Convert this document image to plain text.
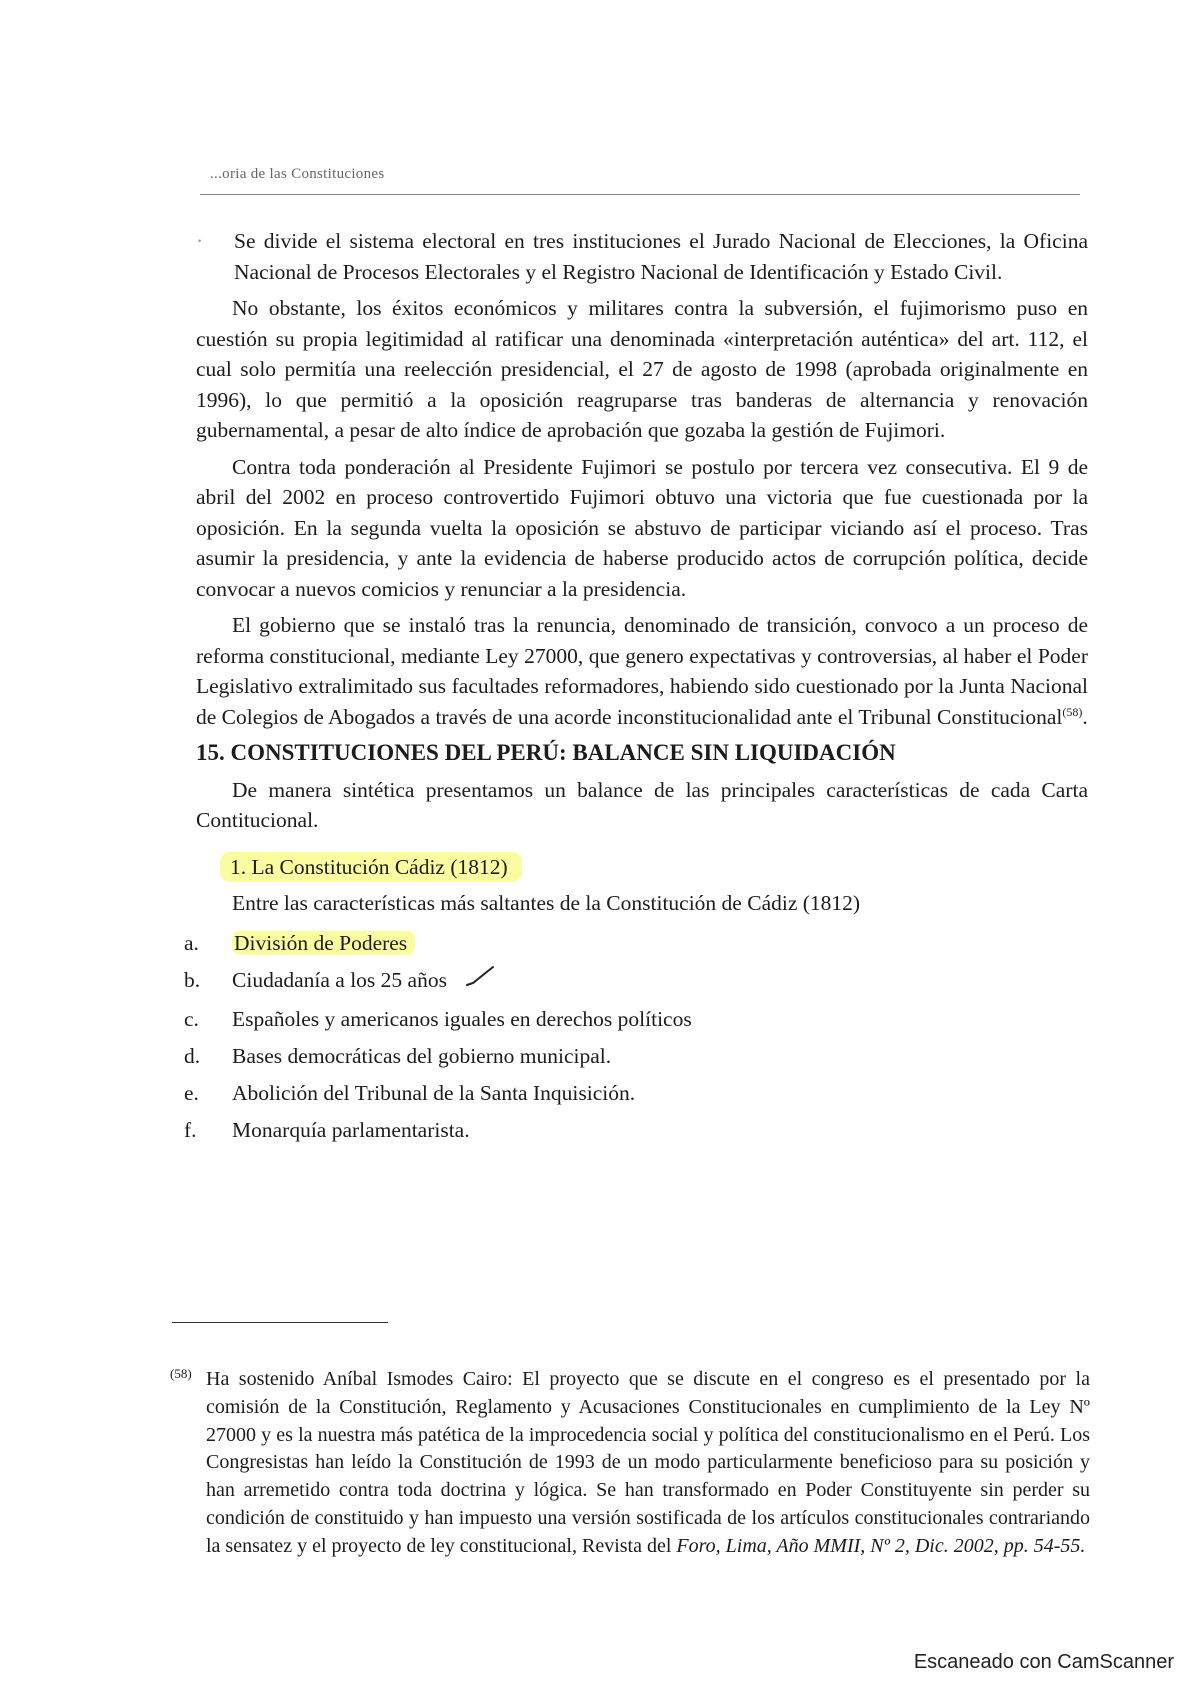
...oria de las Constituciones

· Se divide el sistema electoral en tres instituciones el Jurado Nacional de Elecciones, la Oficina Nacional de Procesos Electorales y el Registro Nacional de Identificación y Estado Civil.

No obstante, los éxitos económicos y militares contra la subversión, el fujimorismo puso en cuestión su propia legitimidad al ratificar una denominada «interpretación auténtica» del art. 112, el cual solo permitía una reelección presidencial, el 27 de agosto de 1998 (aprobada originalmente en 1996), lo que permitió a la oposición reagruparse tras banderas de alternancia y renovación gubernamental, a pesar de alto índice de aprobación que gozaba la gestión de Fujimori.

Contra toda ponderación al Presidente Fujimori se postulo por tercera vez consecutiva. El 9 de abril del 2002 en proceso controvertido Fujimori obtuvo una victoria que fue cuestionada por la oposición. En la segunda vuelta la oposición se abstuvo de participar viciando así el proceso. Tras asumir la presidencia, y ante la evidencia de haberse producido actos de corrupción política, decide convocar a nuevos comicios y renunciar a la presidencia.

El gobierno que se instaló tras la renuncia, denominado de transición, convoco a un proceso de reforma constitucional, mediante Ley 27000, que genero expectativas y controversias, al haber el Poder Legislativo extralimitado sus facultades reformadores, habiendo sido cuestionado por la Junta Nacional de Colegios de Abogados a través de una acorde inconstitucionalidad ante el Tribunal Constitucional$^{(58)}$.

15. CONSTITUCIONES DEL PERÚ: BALANCE SIN LIQUIDACIÓN

De manera sintética presentamos un balance de las principales características de cada Carta Contitucional.

1. La Constitución Cádiz (1812)

Entre las características más saltantes de la Constitución de Cádiz (1812)

a. División de Poderes
b. Ciudadanía a los 25 años
c. Españoles y americanos iguales en derechos políticos
d. Bases democráticas del gobierno municipal.
e. Abolición del Tribunal de la Santa Inquisición.
f. Monarquía parlamentarista.
(58) Ha sostenido Aníbal Ismodes Cairo: El proyecto que se discute en el congreso es el presentado por la comisión de la Constitución, Reglamento y Acusaciones Constitucionales en cumplimiento de la Ley Nº 27000 y es la nuestra más patética de la improcedencia social y política del constitucionalismo en el Perú. Los Congresistas han leído la Constitución de 1993 de un modo particularmente beneficioso para su posición y han arremetido contra toda doctrina y lógica. Se han transformado en Poder Constituyente sin perder su condición de constituido y han impuesto una versión sostificada de los artículos constitucionales contrariando la sensatez y el proyecto de ley constitucional, Revista del Foro, Lima, Año MMII, Nº 2, Dic. 2002, pp. 54-55.
Escaneado con CamScanner
